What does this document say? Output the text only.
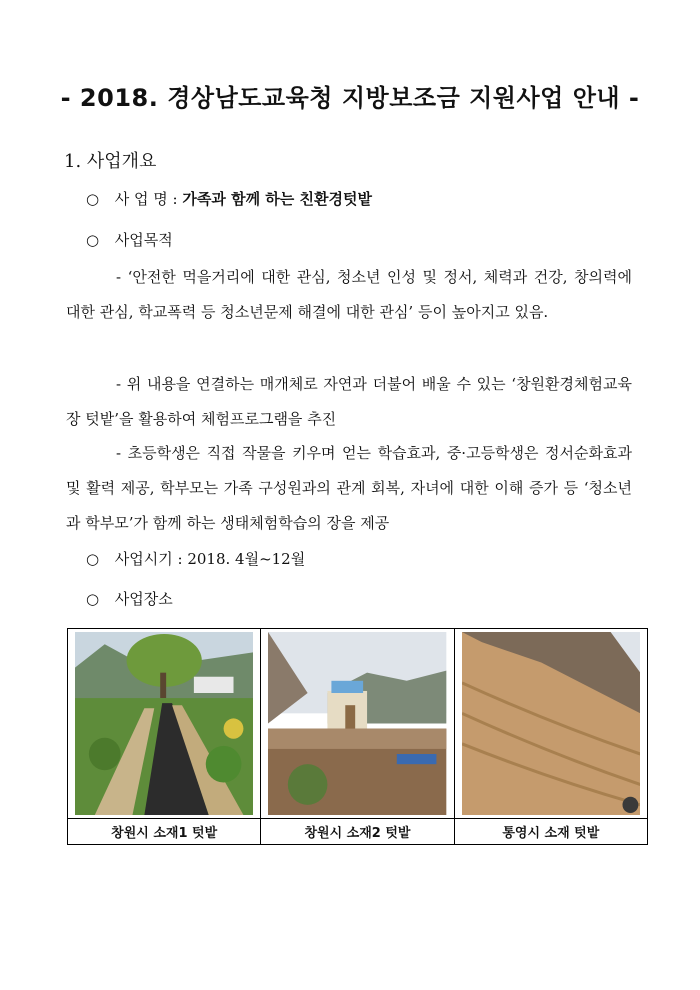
- 2018. 경상남도교육청 지방보조금 지원사업 안내 -
1. 사업개요
○ 사 업 명 : 가족과 함께 하는 친환경텃밭
○ 사업목적
- ‘안전한 먹을거리에 대한 관심, 청소년 인성 및 정서, 체력과 건강, 창의력에 대한 관심, 학교폭력 등 청소년문제 해결에 대한 관심’ 등이 높아지고 있음.
- 위 내용을 연결하는 매개체로 자연과 더불어 배울 수 있는 ‘창원환경체험교육장 텃밭’을 활용하여 체험프로그램을 추진
- 초등학생은 직접 작물을 키우며 얻는 학습효과, 중·고등학생은 정서순화효과 및 활력 제공, 학부모는 가족 구성원과의 관계 회복, 자녀에 대한 이해 증가 등 ‘청소년과 학부모’가 함께 하는 생태체험학습의 장을 제공
○ 사업시기 : 2018. 4월~12월
○ 사업장소
창원시 소재1 텃밭	창원시 소재2 텃밭	통영시 소재 텃밭
